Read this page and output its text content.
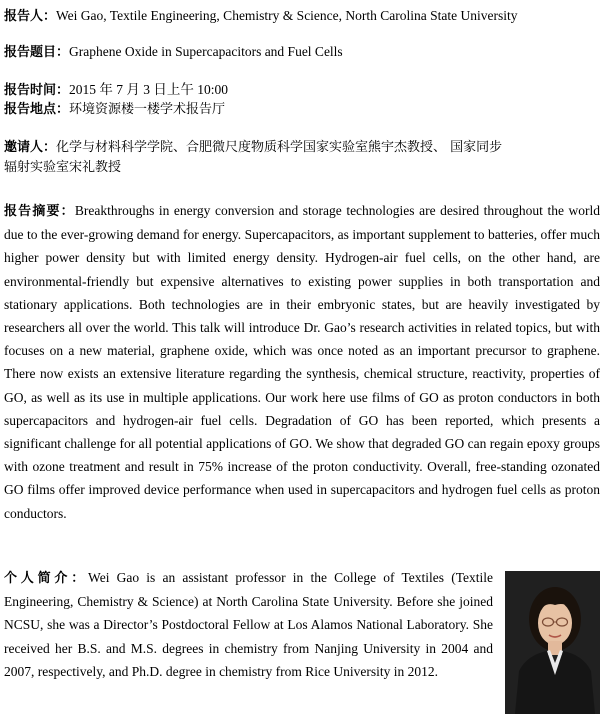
报告人：Wei Gao, Textile Engineering, Chemistry & Science, North Carolina State University
报告题目：Graphene Oxide in Supercapacitors and Fuel Cells
报告时间：2015 年 7 月 3 日上午 10:00
报告地点：环境资源楼一楼学术报告厅
邀请人：化学与材料科学学院、合肥微尺度物质科学国家实验室熊宇杰教授、 国家同步
辐射实验室宋礼教授
报告摘要：Breakthroughs in energy conversion and storage technologies are desired throughout the world due to the ever-growing demand for energy. Supercapacitors, as important supplement to batteries, offer much higher power density but with limited energy density. Hydrogen-air fuel cells, on the other hand, are environmental-friendly but expensive alternatives to existing power supplies in both transportation and stationary applications. Both technologies are in their embryonic states, but are heavily investigated by researchers all over the world. This talk will introduce Dr. Gao’s research activities in related topics, but with focuses on a new material, graphene oxide, which was once noted as an important precursor to graphene. There now exists an extensive literature regarding the synthesis, chemical structure, reactivity, properties of GO, as well as its use in multiple applications. Our work here use films of GO as proton conductors in both supercapacitors and hydrogen-air fuel cells. Degradation of GO has been reported, which presents a significant challenge for all potential applications of GO. We show that degraded GO can regain epoxy groups with ozone treatment and result in 75% increase of the proton conductivity. Overall, free-standing ozonated GO films offer improved device performance when used in supercapacitors and hydrogen fuel cells as proton conductors.
个人简介：Wei Gao is an assistant professor in the College of Textiles (Textile Engineering, Chemistry & Science) at North Carolina State University. Before she joined NCSU, she was a Director’s Postdoctoral Fellow at Los Alamos National Laboratory. She received her B.S. and M.S. degrees in chemistry from Nanjing University in 2004 and 2007, respectively, and Ph.D. degree in chemistry from Rice University in 2012.
